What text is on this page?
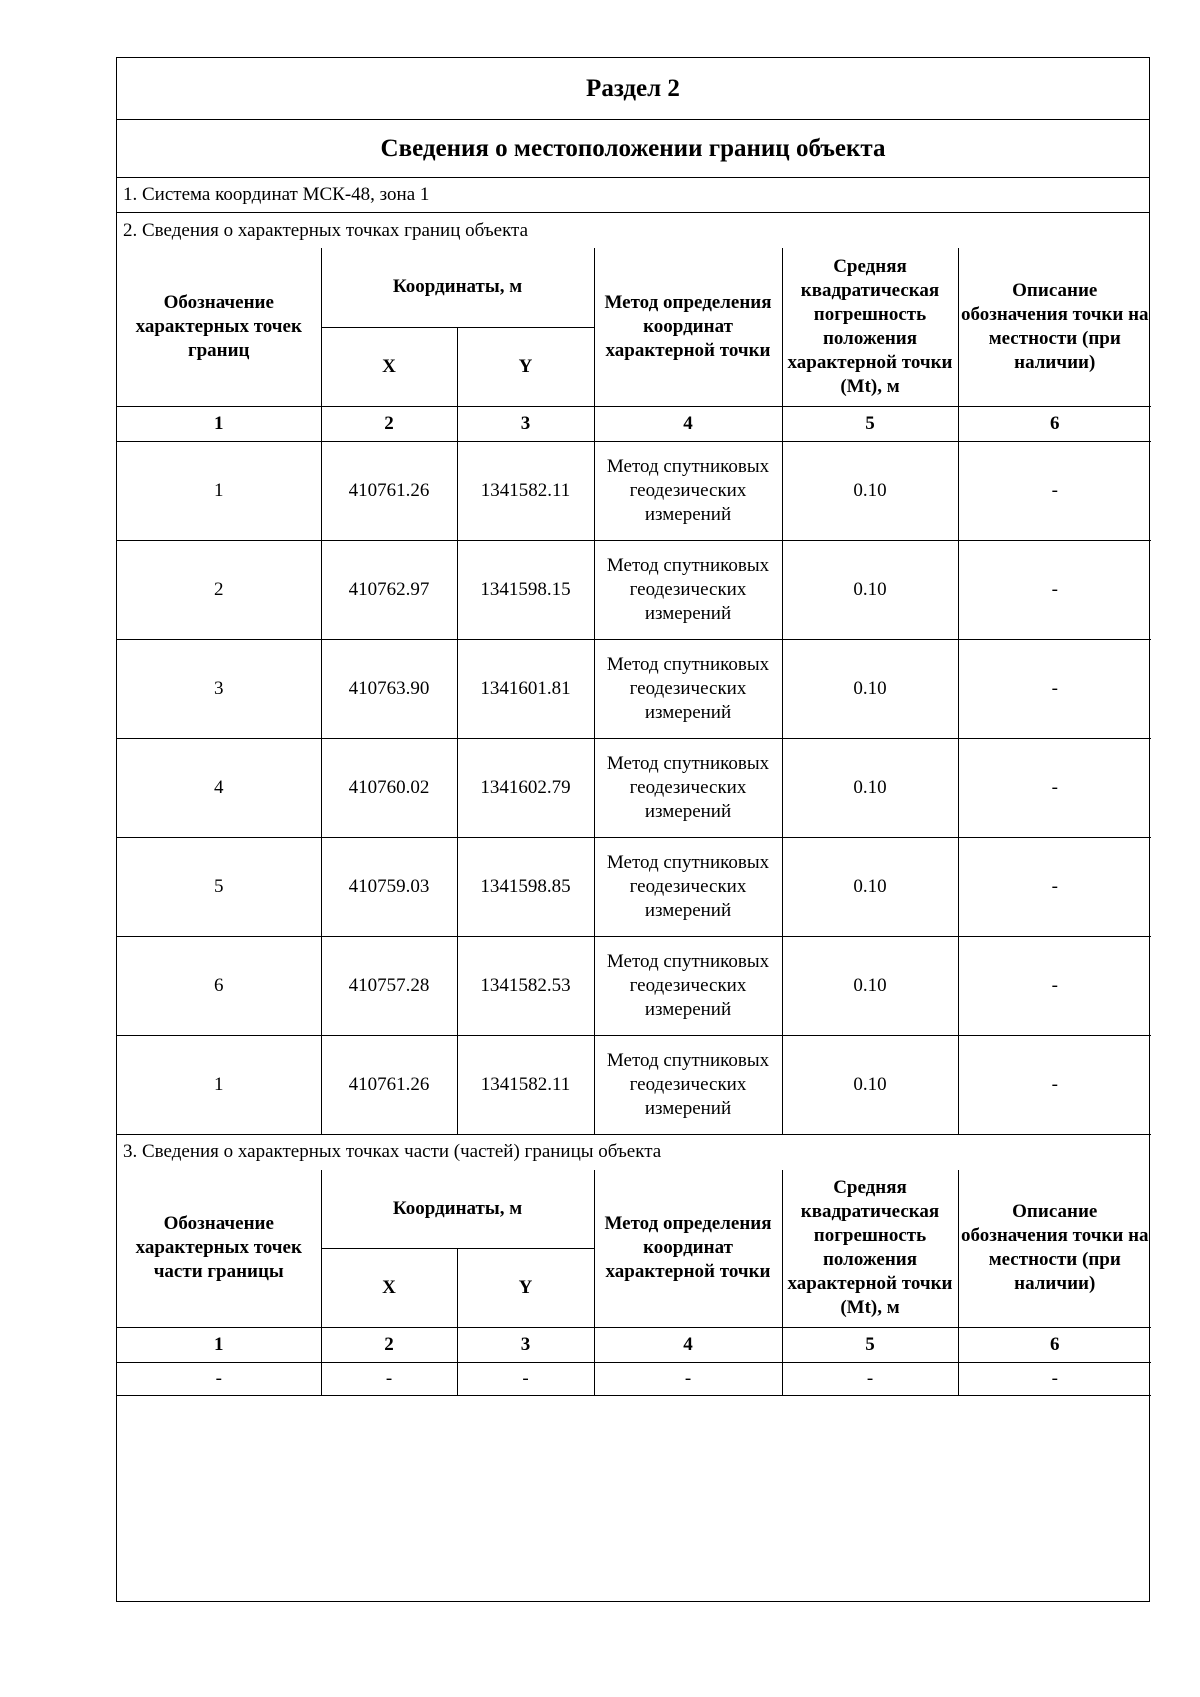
Раздел 2
Сведения о местоположении границ объекта
1. Система координат МСК-48, зона 1
2. Сведения о характерных точках границ объекта
Обозначение характерных точек границ	Координаты, м		Метод определения координат характерной точки	Средняя квадратическая погрешность положения характерной точки (Mt), м	Описание обозначения точки на местности (при наличии)
	X	Y			
1	2	3	4	5	6
1	410761.26	1341582.11	Метод спутниковых геодезических измерений	0.10	-
2	410762.97	1341598.15	Метод спутниковых геодезических измерений	0.10	-
3	410763.90	1341601.81	Метод спутниковых геодезических измерений	0.10	-
4	410760.02	1341602.79	Метод спутниковых геодезических измерений	0.10	-
5	410759.03	1341598.85	Метод спутниковых геодезических измерений	0.10	-
6	410757.28	1341582.53	Метод спутниковых геодезических измерений	0.10	-
1	410761.26	1341582.11	Метод спутниковых геодезических измерений	0.10	-
3. Сведения о характерных точках части (частей) границы объекта
Обозначение характерных точек части границы	Координаты, м		Метод определения координат характерной точки	Средняя квадратическая погрешность положения характерной точки (Mt), м	Описание обозначения точки на местности (при наличии)
	X	Y			
1	2	3	4	5	6
-	-	-	-	-	-
